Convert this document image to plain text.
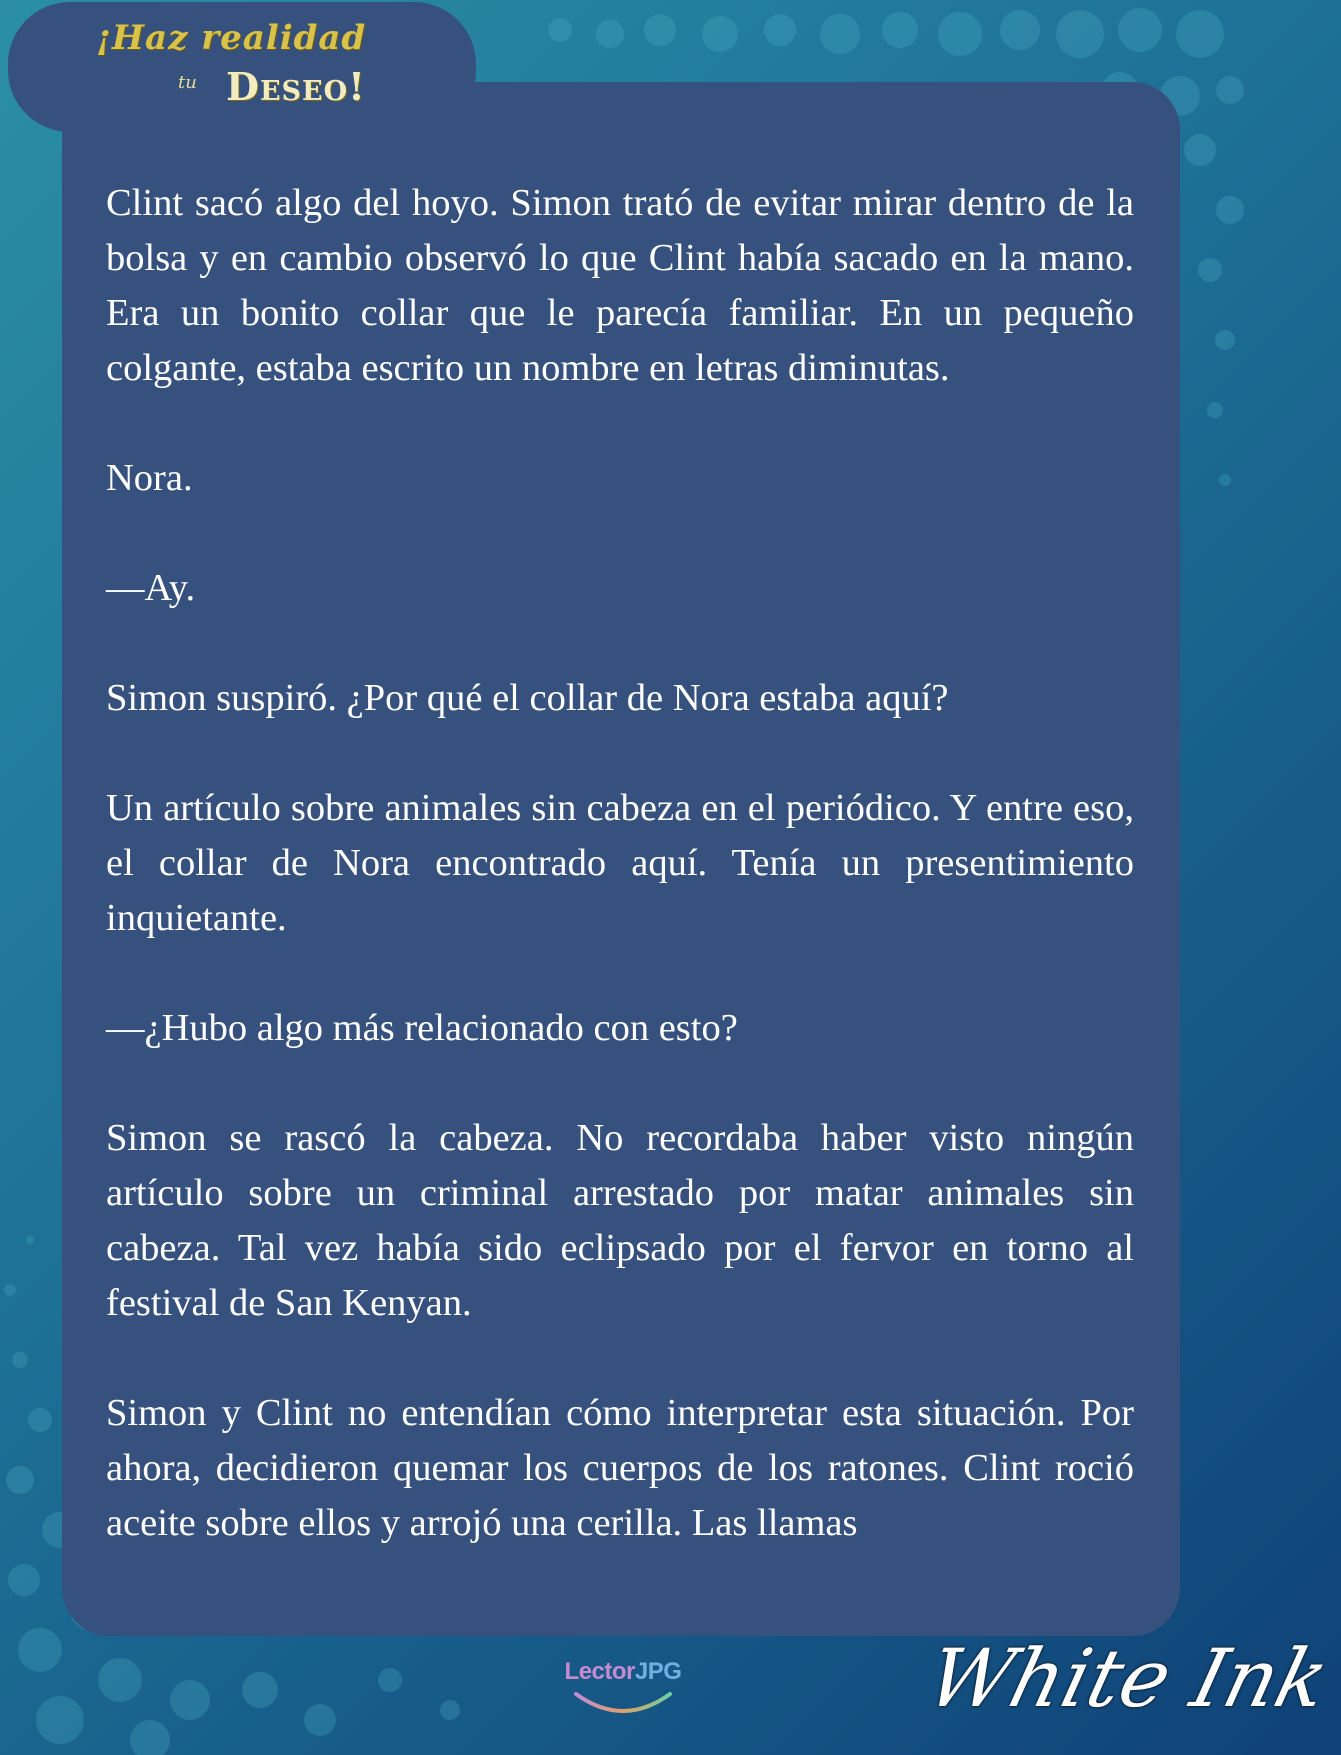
¡Haz realidad
tu Deseo!

Clint sacó algo del hoyo. Simon trató de evitar mirar dentro de la bolsa y en cambio observó lo que Clint había sacado en la mano. Era un bonito collar que le parecía familiar. En un pequeño colgante, estaba escrito un nombre en letras diminutas.

Nora.

—Ay.

Simon suspiró. ¿Por qué el collar de Nora estaba aquí?

Un artículo sobre animales sin cabeza en el periódico. Y entre eso, el collar de Nora encontrado aquí. Tenía un presentimiento inquietante.

—¿Hubo algo más relacionado con esto?

Simon se rascó la cabeza. No recordaba haber visto ningún artículo sobre un criminal arrestado por matar animales sin cabeza. Tal vez había sido eclipsado por el fervor en torno al festival de San Kenyan.

Simon y Clint no entendían cómo interpretar esta situación. Por ahora, decidieron quemar los cuerpos de los ratones. Clint roció aceite sobre ellos y arrojó una cerilla. Las llamas

LectorJPG	White Ink
